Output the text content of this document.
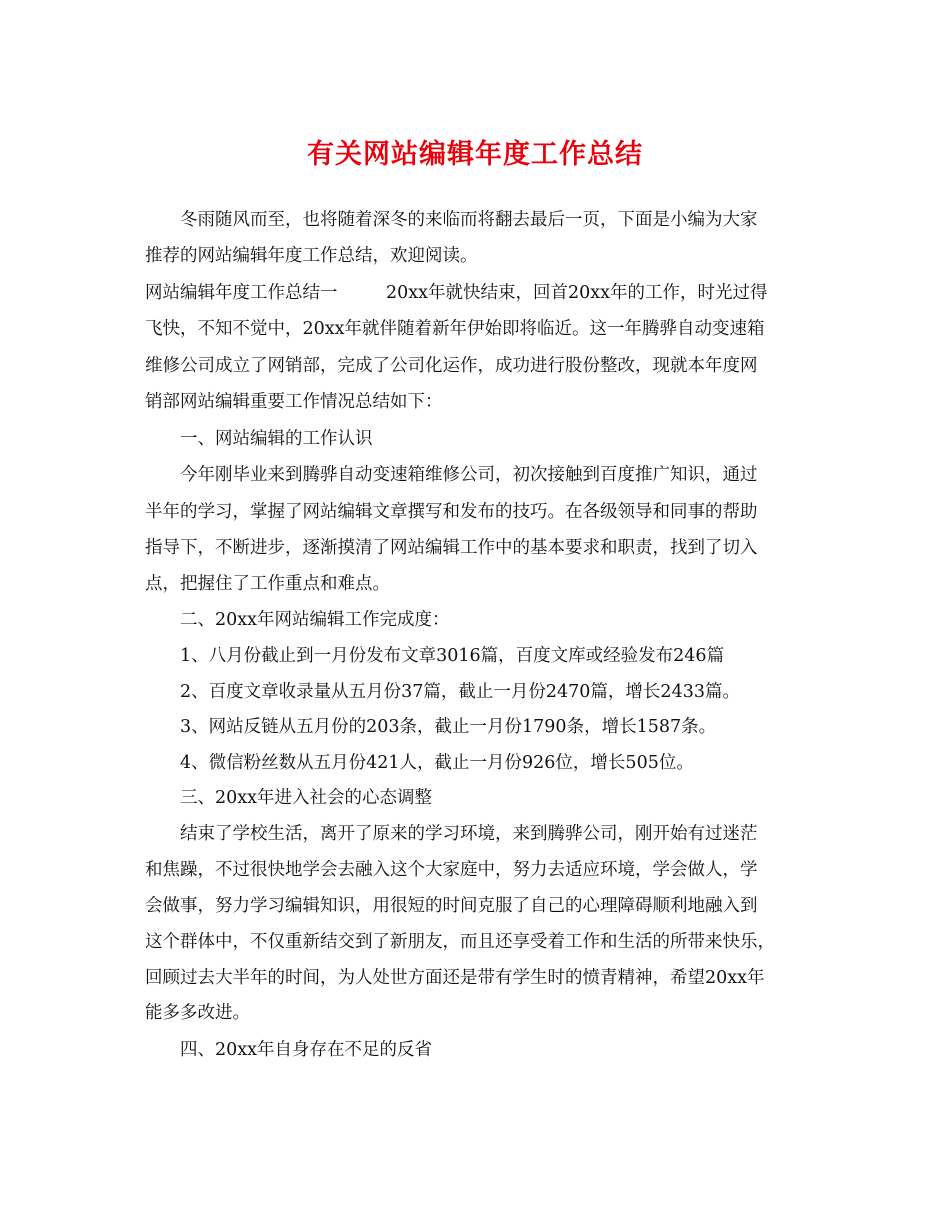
有关网站编辑年度工作总结
冬雨随风而至，也将随着深冬的来临而将翻去最后一页，下面是小编为大家
推荐的网站编辑年度工作总结，欢迎阅读。
网站编辑年度工作总结一	20xx年就快结束，回首20xx年的工作，时光过得
飞快，不知不觉中，20xx年就伴随着新年伊始即将临近。这一年腾骅自动变速箱
维修公司成立了网销部，完成了公司化运作，成功进行股份整改，现就本年度网
销部网站编辑重要工作情况总结如下：
一、网站编辑的工作认识
今年刚毕业来到腾骅自动变速箱维修公司，初次接触到百度推广知识，通过
半年的学习，掌握了网站编辑文章撰写和发布的技巧。在各级领导和同事的帮助
指导下，不断进步，逐渐摸清了网站编辑工作中的基本要求和职责，找到了切入
点，把握住了工作重点和难点。
二、20xx年网站编辑工作完成度：
1、八月份截止到一月份发布文章3016篇，百度文库或经验发布246篇
2、百度文章收录量从五月份37篇，截止一月份2470篇，增长2433篇。
3、网站反链从五月份的203条，截止一月份1790条，增长1587条。
4、微信粉丝数从五月份421人，截止一月份926位，增长505位。
三、20xx年进入社会的心态调整
结束了学校生活，离开了原来的学习环境，来到腾骅公司，刚开始有过迷茫
和焦躁，不过很快地学会去融入这个大家庭中，努力去适应环境，学会做人，学
会做事，努力学习编辑知识，用很短的时间克服了自己的心理障碍顺利地融入到
这个群体中，不仅重新结交到了新朋友，而且还享受着工作和生活的所带来快乐，
回顾过去大半年的时间，为人处世方面还是带有学生时的愤青精神，希望20xx年
能多多改进。
四、20xx年自身存在不足的反省
